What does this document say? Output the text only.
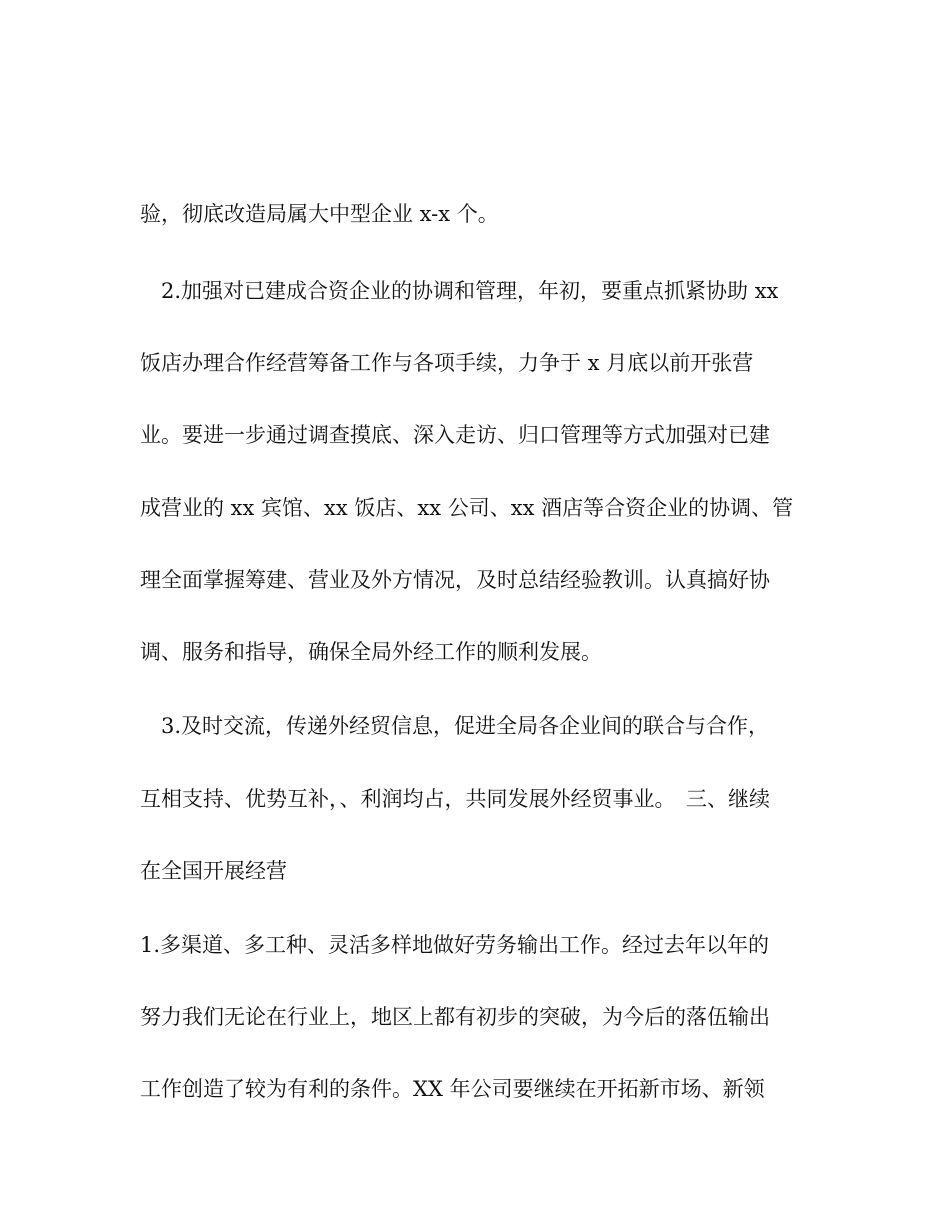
验，彻底改造局属大中型企业 x-x 个。

2.加强对已建成合资企业的协调和管理，年初，要重点抓紧协助 xx

饭店办理合作经营筹备工作与各项手续，力争于 x 月底以前开张营

业。要进一步通过调查摸底、深入走访、归口管理等方式加强对已建

成营业的 xx 宾馆、xx 饭店、xx 公司、xx 酒店等合资企业的协调、管

理全面掌握筹建、营业及外方情况，及时总结经验教训。认真搞好协

调、服务和指导，确保全局外经工作的顺利发展。

3.及时交流，传递外经贸信息，促进全局各企业间的联合与合作，

互相支持、优势互补，、利润均占，共同发展外经贸事业。　三、继续

在全国开展经营

1.多渠道、多工种、灵活多样地做好劳务输出工作。经过去年以年的

努力我们无论在行业上，地区上都有初步的突破，为今后的落伍输出

工作创造了较为有利的条件。XX 年公司要继续在开拓新市场、新领
